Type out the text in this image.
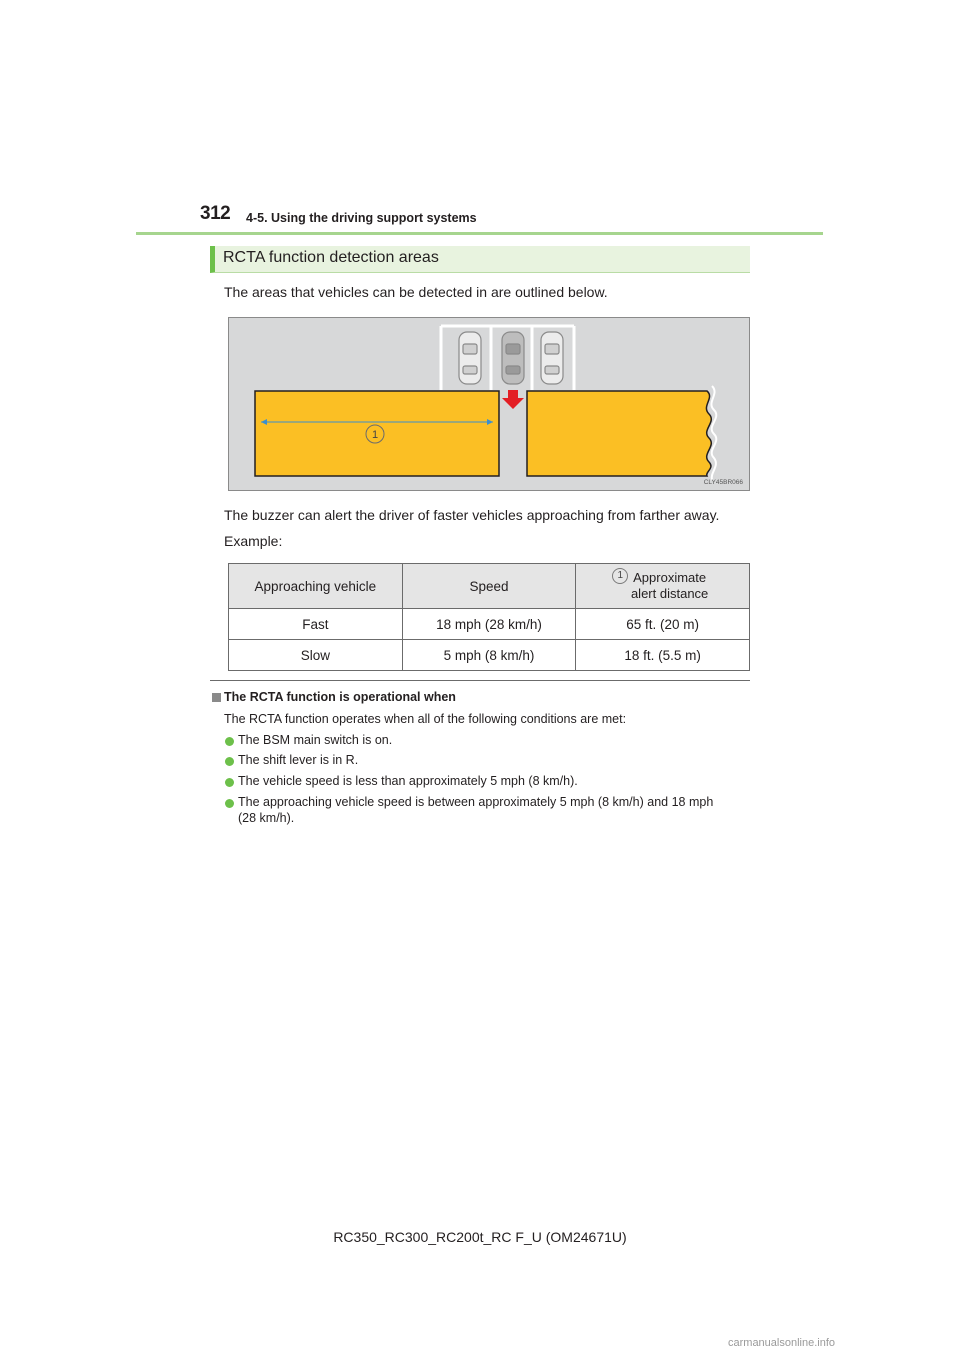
312 4-5. Using the driving support systems
RCTA function detection areas
The areas that vehicles can be detected in are outlined below.
1
CLY45BR066
The buzzer can alert the driver of faster vehicles approaching from farther away.
Example:
Approaching vehicle	Speed	1 Approximate
alert distance

Fast	18 mph (28 km/h)	65 ft. (20 m)
Slow	5 mph (8 km/h)	18 ft. (5.5 m)
The RCTA function is operational when
The RCTA function operates when all of the following conditions are met:
The BSM main switch is on.
The shift lever is in R.
The vehicle speed is less than approximately 5 mph (8 km/h).
The approaching vehicle speed is between approximately 5 mph (8 km/h) and 18 mph
(28 km/h).
RC350_RC300_RC200t_RC F_U (OM24671U)
carmanualsonline.info
